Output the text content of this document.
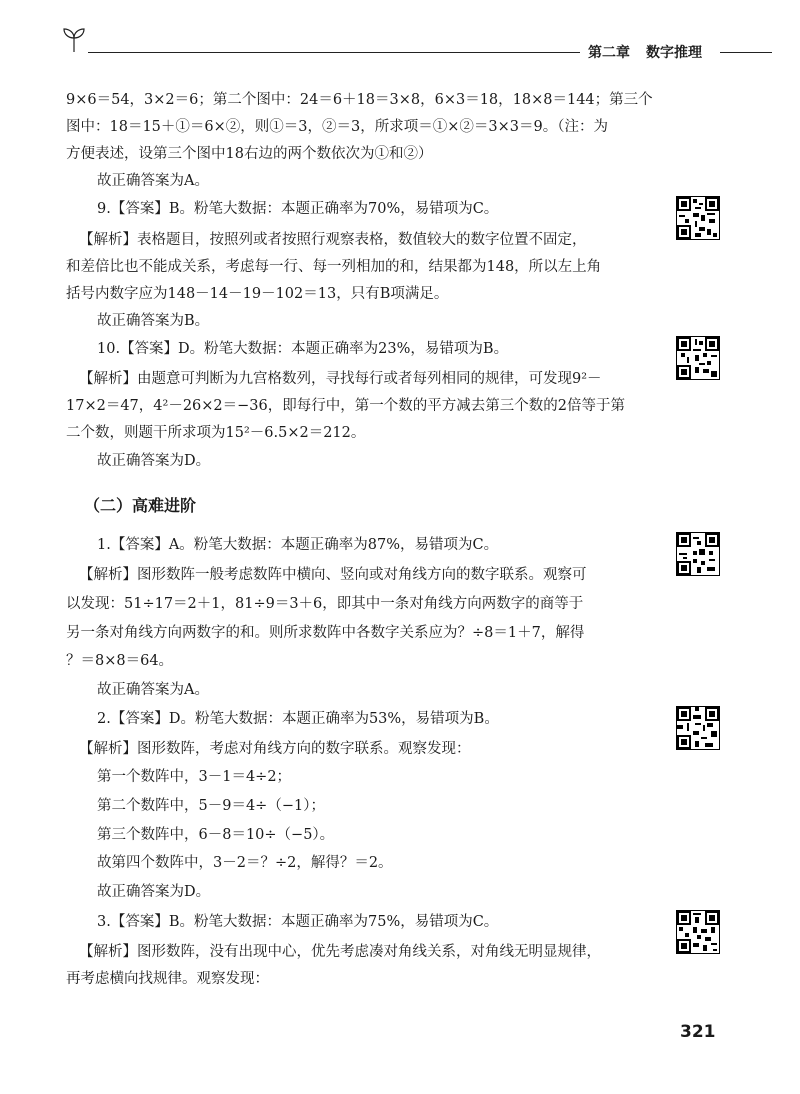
第二章 数字推理
9×6＝54，3×2＝6；第二个图中：24＝6＋18＝3×8，6×3＝18，18×8＝144；第三个
图中：18＝15＋①＝6×②，则①＝3，②＝3，所求项＝①×②＝3×3＝9。（注：为
方便表述，设第三个图中18右边的两个数依次为①和②）
故正确答案为A。
9.【答案】B。粉笔大数据：本题正确率为70%，易错项为C。
【解析】表格题目，按照列或者按照行观察表格，数值较大的数字位置不固定，
和差倍比也不能成关系，考虑每一行、每一列相加的和，结果都为148，所以左上角
括号内数字应为148－14－19－102＝13，只有B项满足。
故正确答案为B。
10.【答案】D。粉笔大数据：本题正确率为23%，易错项为B。
【解析】由题意可判断为九宫格数列，寻找每行或者每列相同的规律，可发现9²－
17×2＝47，4²－26×2＝−36，即每行中，第一个数的平方减去第三个数的2倍等于第
二个数，则题干所求项为15²－6.5×2＝212。
故正确答案为D。
（二）高难进阶
1.【答案】A。粉笔大数据：本题正确率为87%，易错项为C。
【解析】图形数阵一般考虑数阵中横向、竖向或对角线方向的数字联系。观察可
以发现：51÷17＝2＋1，81÷9＝3＋6，即其中一条对角线方向两数字的商等于
另一条对角线方向两数字的和。则所求数阵中各数字关系应为？÷8＝1＋7，解得
？＝8×8＝64。
故正确答案为A。
2.【答案】D。粉笔大数据：本题正确率为53%，易错项为B。
【解析】图形数阵，考虑对角线方向的数字联系。观察发现：
第一个数阵中，3－1＝4÷2；
第二个数阵中，5－9＝4÷（−1）；
第三个数阵中，6－8＝10÷（−5）。
故第四个数阵中，3－2＝？÷2，解得？＝2。
故正确答案为D。
3.【答案】B。粉笔大数据：本题正确率为75%，易错项为C。
【解析】图形数阵，没有出现中心，优先考虑凑对角线关系，对角线无明显规律，
再考虑横向找规律。观察发现：
321
